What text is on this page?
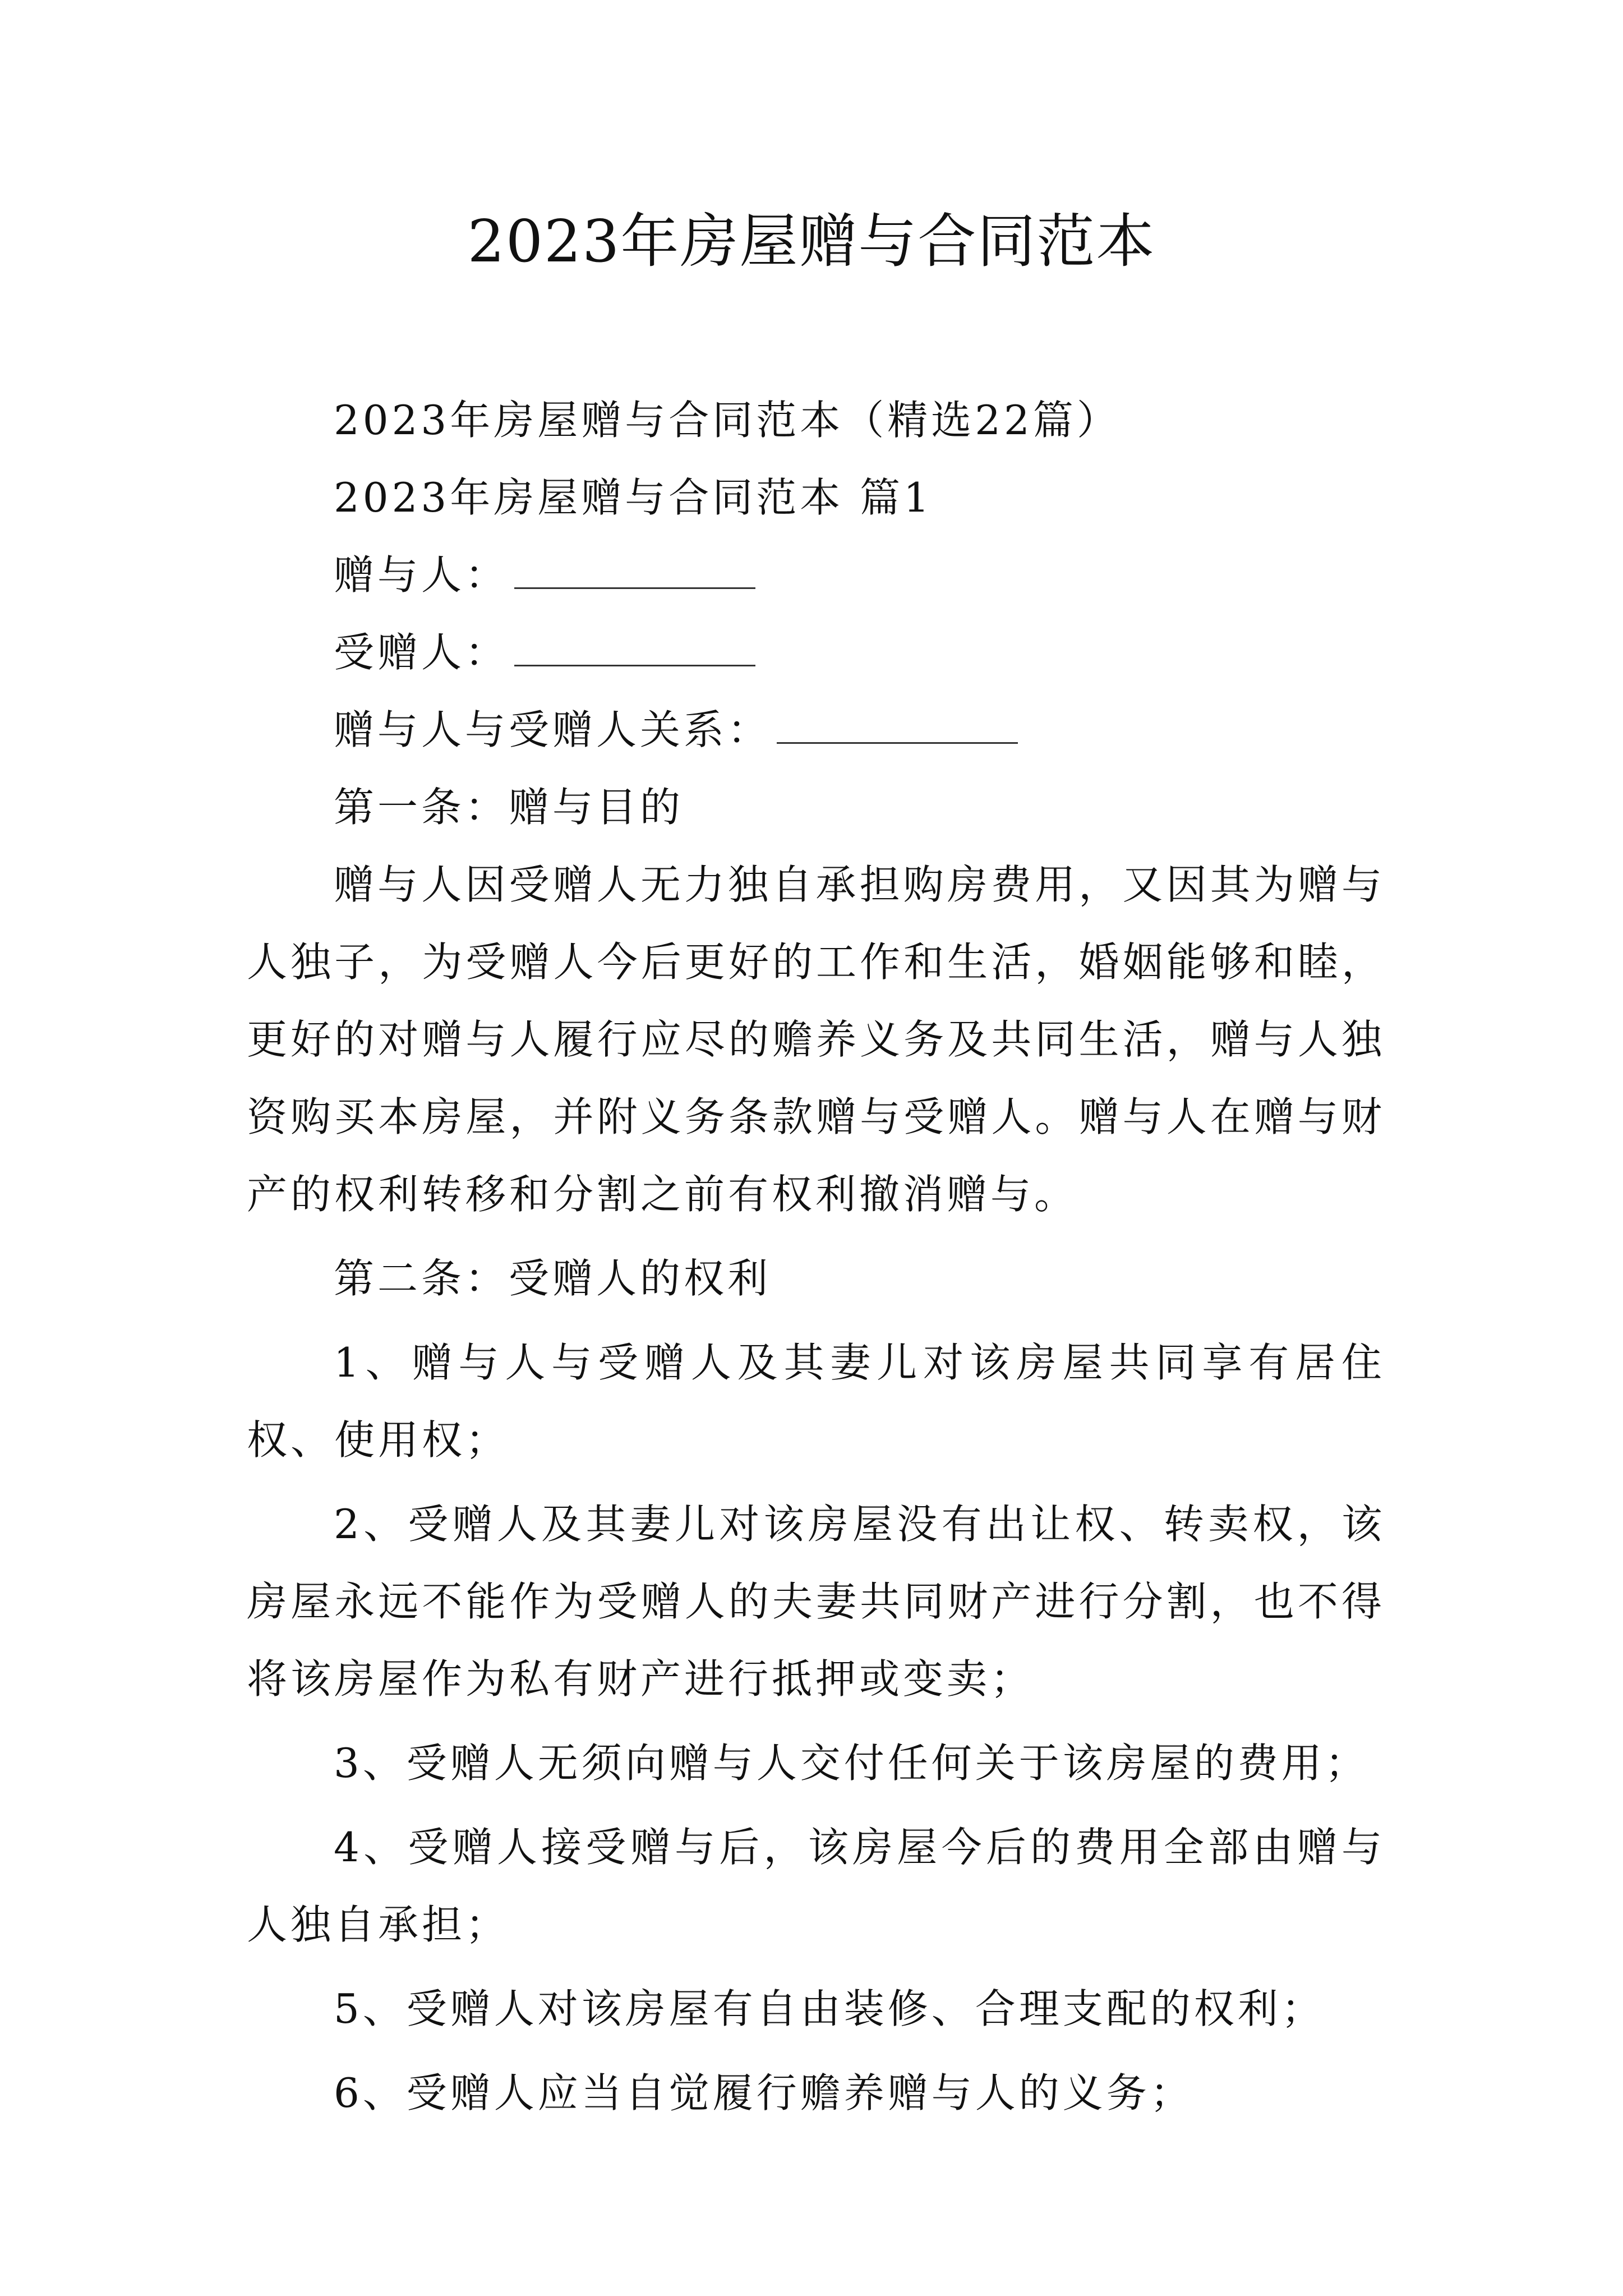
2023年房屋赠与合同范本

2023年房屋赠与合同范本（精选22篇）

2023年房屋赠与合同范本 篇1

赠与人：

受赠人：

赠与人与受赠人关系：

第一条：赠与目的

赠与人因受赠人无力独自承担购房费用，又因其为赠与人独子，为受赠人今后更好的工作和生活，婚姻能够和睦，更好的对赠与人履行应尽的赡养义务及共同生活，赠与人独资购买本房屋，并附义务条款赠与受赠人。赠与人在赠与财产的权利转移和分割之前有权利撤消赠与。

第二条：受赠人的权利

1、赠与人与受赠人及其妻儿对该房屋共同享有居住权、使用权；

2、受赠人及其妻儿对该房屋没有出让权、转卖权，该房屋永远不能作为受赠人的夫妻共同财产进行分割，也不得将该房屋作为私有财产进行抵押或变卖；

3、受赠人无须向赠与人交付任何关于该房屋的费用；

4、受赠人接受赠与后，该房屋今后的费用全部由赠与人独自承担；

5、受赠人对该房屋有自由装修、合理支配的权利；

6、受赠人应当自觉履行赡养赠与人的义务；
